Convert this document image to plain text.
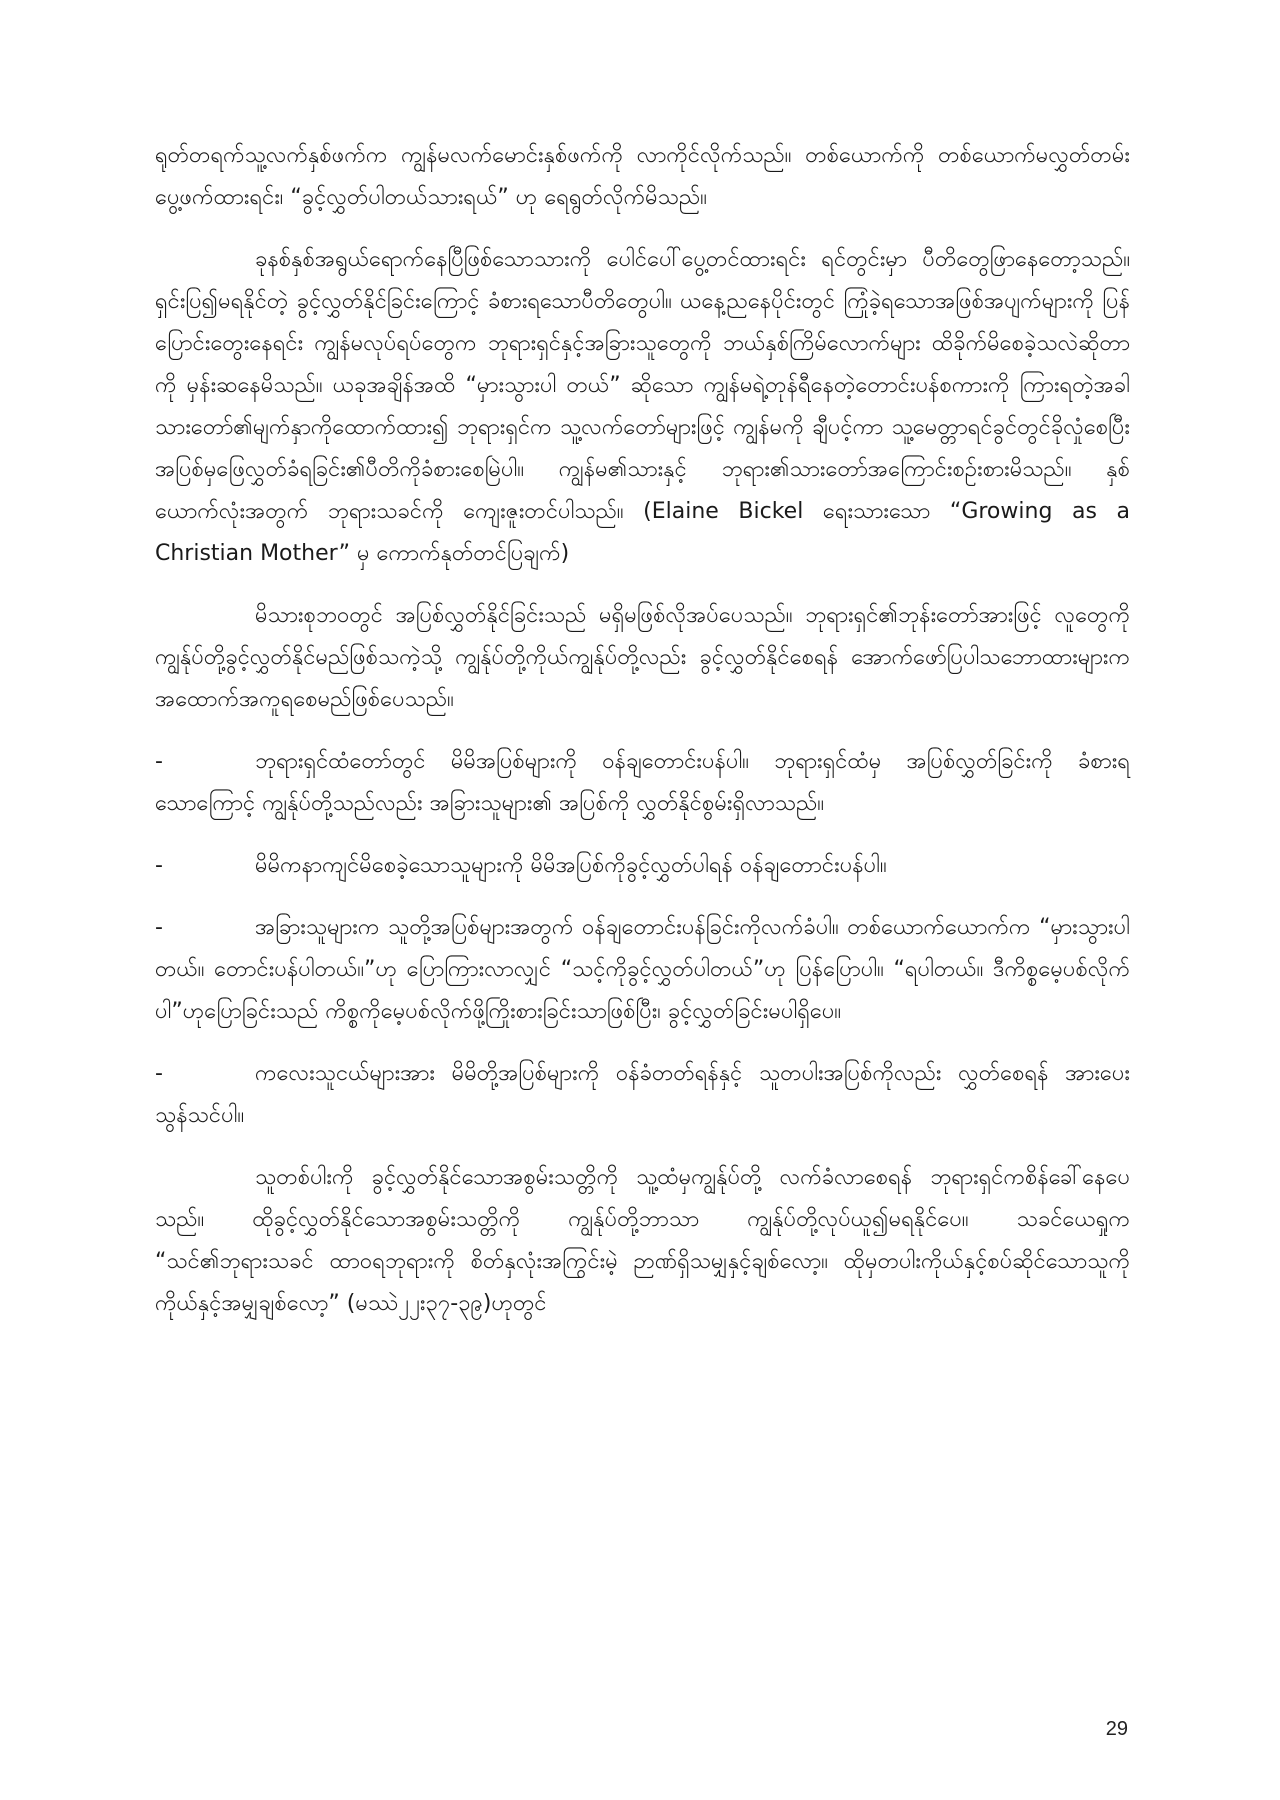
ရုတ်တရက်သူ့လက်နှစ်ဖက်က ကျွန်မလက်မောင်းနှစ်ဖက်ကို လာကိုင်လိုက်သည်။ တစ်ယောက်ကို တစ်ယောက်မလွှတ်တမ်း ပွေ့ဖက်ထားရင်း၊ “ခွင့်လွှတ်ပါတယ်သားရယ်” ဟု ရေရွတ်လိုက်မိသည်။

ခုနစ်နှစ်အရွယ်ရောက်နေပြီဖြစ်သောသားကို ပေါင်ပေါ်ပွေ့တင်ထားရင်း ရင်တွင်းမှာ ပီတိတွေဖြာနေတော့သည်။ ရှင်းပြ၍မရနိုင်တဲ့ ခွင့်လွှတ်နိုင်ခြင်းကြောင့် ခံစားရသောပီတိတွေပါ။ ယနေ့ညနေပိုင်းတွင် ကြုံခဲ့ရသောအဖြစ်အပျက်များကို ပြန်ပြောင်းတွေးနေရင်း ကျွန်မလုပ်ရပ်တွေက ဘုရားရှင်နှင့်အခြားသူတွေကို ဘယ်နှစ်ကြိမ်လောက်များ ထိခိုက်မိစေခဲ့သလဲဆိုတာကို မှန်းဆနေမိသည်။ ယခုအချိန်အထိ “မှားသွားပါ တယ်” ဆိုသော ကျွန်မရဲ့တုန်ရီနေတဲ့တောင်းပန်စကားကို ကြားရတဲ့အခါ သားတော်၏မျက်နှာကိုထောက်ထား၍ ဘုရားရှင်က သူ့လက်တော်များဖြင့် ကျွန်မကို ချီပင့်ကာ သူ့မေတ္တာရင်ခွင်တွင်ခိုလှုံစေပြီး အပြစ်မှဖြေလွှတ်ခံရခြင်း၏ပီတိကိုခံစားစေမြဲပါ။ ကျွန်မ၏သားနှင့် ဘုရား၏သားတော်အကြောင်းစဉ်းစားမိသည်။ နှစ်ယောက်လုံးအတွက် ဘုရားသခင်ကို ကျေးဇူးတင်ပါသည်။ (Elaine Bickel ရေးသားသော “Growing as a Christian Mother” မှ ကောက်နုတ်တင်ပြချက်)

မိသားစုဘဝတွင် အပြစ်လွှတ်နိုင်ခြင်းသည် မရှိမဖြစ်လိုအပ်ပေသည်။ ဘုရားရှင်၏ဘုန်းတော်အားဖြင့် လူတွေကိုကျွန်ုပ်တို့ခွင့်လွှတ်နိုင်မည်ဖြစ်သကဲ့သို့ ကျွန်ုပ်တို့ကိုယ်ကျွန်ုပ်တို့လည်း ခွင့်လွှတ်နိုင်စေရန် အောက်ဖော်ပြပါသဘောထားများက အထောက်အကူရစေမည်ဖြစ်ပေသည်။

-	ဘုရားရှင်ထံတော်တွင် မိမိအပြစ်များကို ဝန်ချတောင်းပန်ပါ။ ဘုရားရှင်ထံမှ အပြစ်လွှတ်ခြင်းကို ခံစားရသောကြောင့် ကျွန်ုပ်တို့သည်လည်း အခြားသူများ၏ အပြစ်ကို လွှတ်နိုင်စွမ်းရှိလာသည်။

-	မိမိကနာကျင်မိစေခဲ့သောသူများကို မိမိအပြစ်ကိုခွင့်လွှတ်ပါရန် ဝန်ချတောင်းပန်ပါ။

-	အခြားသူများက သူတို့အပြစ်များအတွက် ဝန်ချတောင်းပန်ခြင်းကိုလက်ခံပါ။ တစ်ယောက်ယောက်က “မှားသွားပါတယ်။ တောင်းပန်ပါတယ်။”ဟု ပြောကြားလာလျှင် “သင့်ကိုခွင့်လွှတ်ပါတယ်”ဟု ပြန်ပြောပါ။ “ရပါတယ်။ ဒီကိစ္စမေ့ပစ်လိုက်ပါ”ဟုပြောခြင်းသည် ကိစ္စကိုမေ့ပစ်လိုက်ဖို့ကြိုးစားခြင်းသာဖြစ်ပြီး၊ ခွင့်လွှတ်ခြင်းမပါရှိပေ။

-	ကလေးသူငယ်များအား မိမိတို့အပြစ်များကို ဝန်ခံတတ်ရန်နှင့် သူတပါးအပြစ်ကိုလည်း လွှတ်စေရန် အားပေးသွန်သင်ပါ။

သူတစ်ပါးကို ခွင့်လွှတ်နိုင်သောအစွမ်းသတ္တိကို သူ့ထံမှကျွန်ုပ်တို့ လက်ခံလာစေရန် ဘုရားရှင်ကစိန်ခေါ်နေပေသည်။ ထိုခွင့်လွှတ်နိုင်သောအစွမ်းသတ္တိကို ကျွန်ုပ်တို့ဘာသာ ကျွန်ုပ်တို့လုပ်ယူ၍မရနိုင်ပေ။ သခင်ယေရှုက “သင်၏ဘုရားသခင် ထာဝရဘုရားကို စိတ်နှလုံးအကြွင်းမဲ့ ဉာဏ်ရှိသမျှနှင့်ချစ်လော့။ ထိုမှတပါးကိုယ်နှင့်စပ်ဆိုင်သောသူကိုကိုယ်နှင့်အမျှချစ်လော့” (မဿဲ၂၂း၃၇-၃၉)ဟုတွင်

29
